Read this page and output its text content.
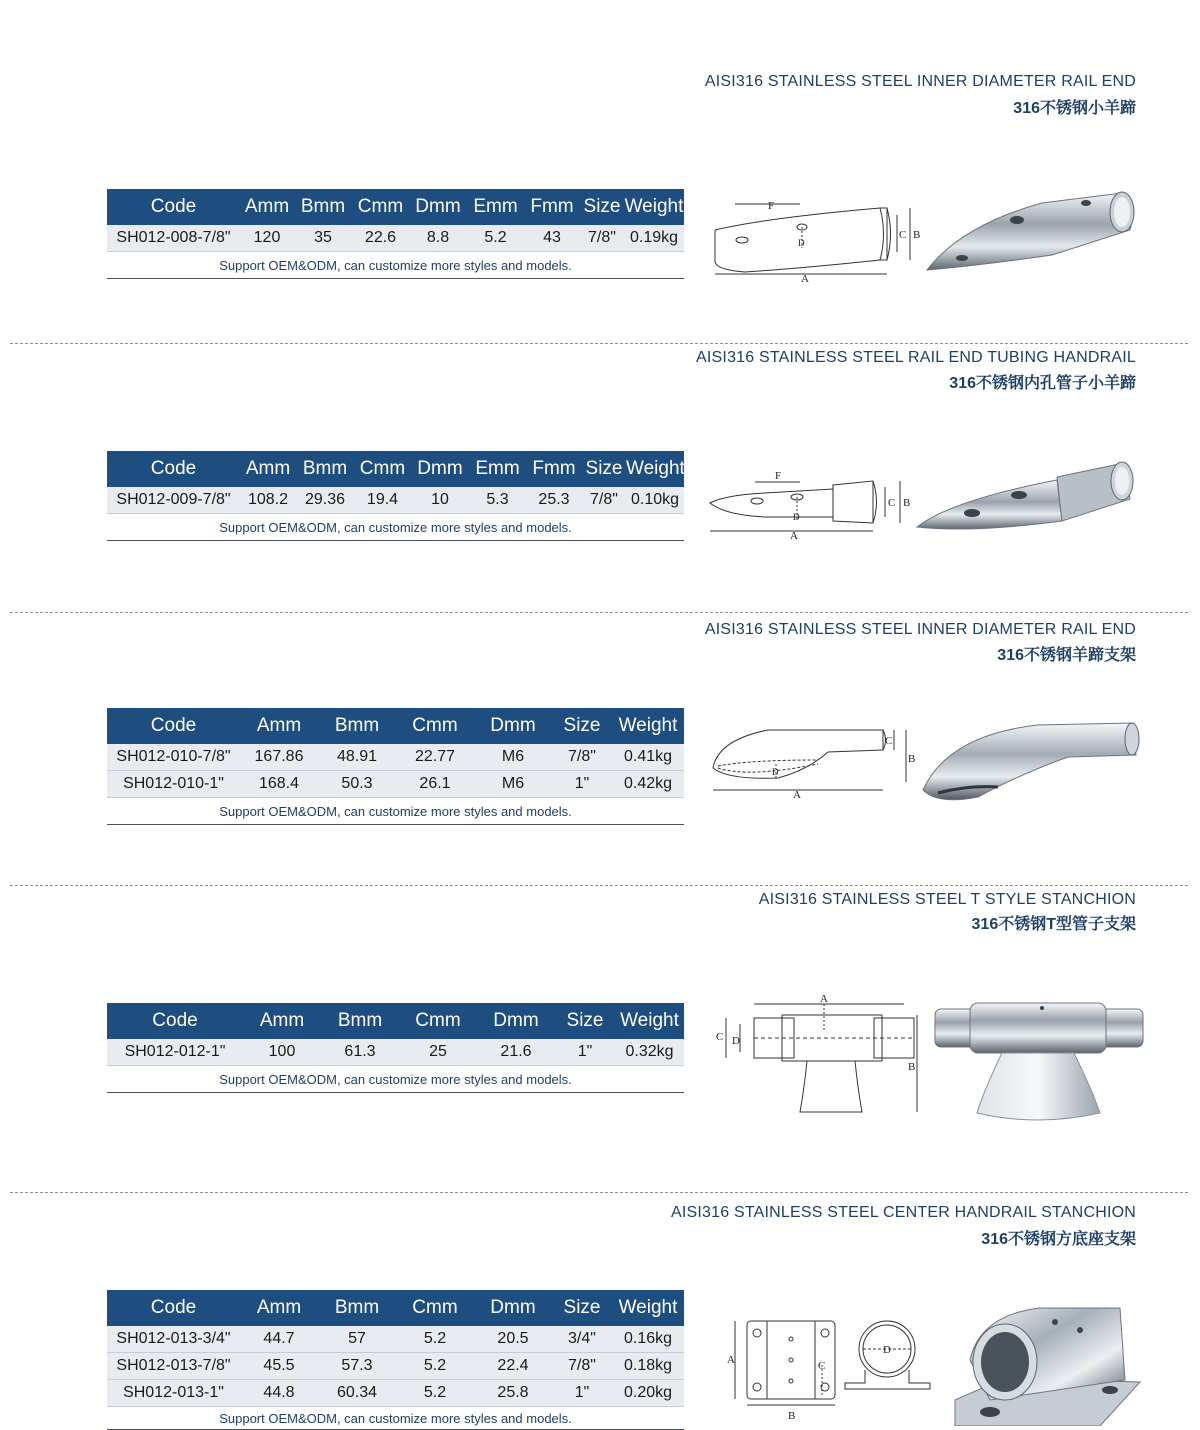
AISI316 STAINLESS STEEL INNER DIAMETER RAIL END
316不锈钢小羊蹄
Code	Amm	Bmm	Cmm	Dmm	Emm	Fmm	Size	Weight
SH012-008-7/8"	120	35	22.6	8.8	5.2	43	7/8"	0.19kg
Support OEM&ODM, can customize more styles and models.								
F
A
B
C
D
AISI316 STAINLESS STEEL RAIL END TUBING HANDRAIL
316不锈钢内孔管子小羊蹄
Code	Amm	Bmm	Cmm	Dmm	Emm	Fmm	Size	Weight
SH012-009-7/8"	108.2	29.36	19.4	10	5.3	25.3	7/8"	0.10kg
Support OEM&ODM, can customize more styles and models.								
F
A
B
C
D
AISI316 STAINLESS STEEL INNER DIAMETER RAIL END
316不锈钢羊蹄支架
Code	Amm	Bmm	Cmm	Dmm	Size	Weight
SH012-010-7/8"	167.86	48.91	22.77	M6	7/8"	0.41kg
SH012-010-1"	168.4	50.3	26.1	M6	1"	0.42kg
Support OEM&ODM, can customize more styles and models.						
A
B
C
D
AISI316 STAINLESS STEEL T STYLE STANCHION
316不锈钢T型管子支架
Code	Amm	Bmm	Cmm	Dmm	Size	Weight
SH012-012-1"	100	61.3	25	21.6	1"	0.32kg
Support OEM&ODM, can customize more styles and models.						
A
B
C D
AISI316 STAINLESS STEEL CENTER HANDRAIL STANCHION
316不锈钢方底座支架
Code	Amm	Bmm	Cmm	Dmm	Size	Weight
SH012-013-3/4"	44.7	57	5.2	20.5	3/4"	0.16kg
SH012-013-7/8"	45.5	57.3	5.2	22.4	7/8"	0.18kg
SH012-013-1"	44.8	60.34	5.2	25.8	1"	0.20kg
Support OEM&ODM, can customize more styles and models.						
A
B
C
D
